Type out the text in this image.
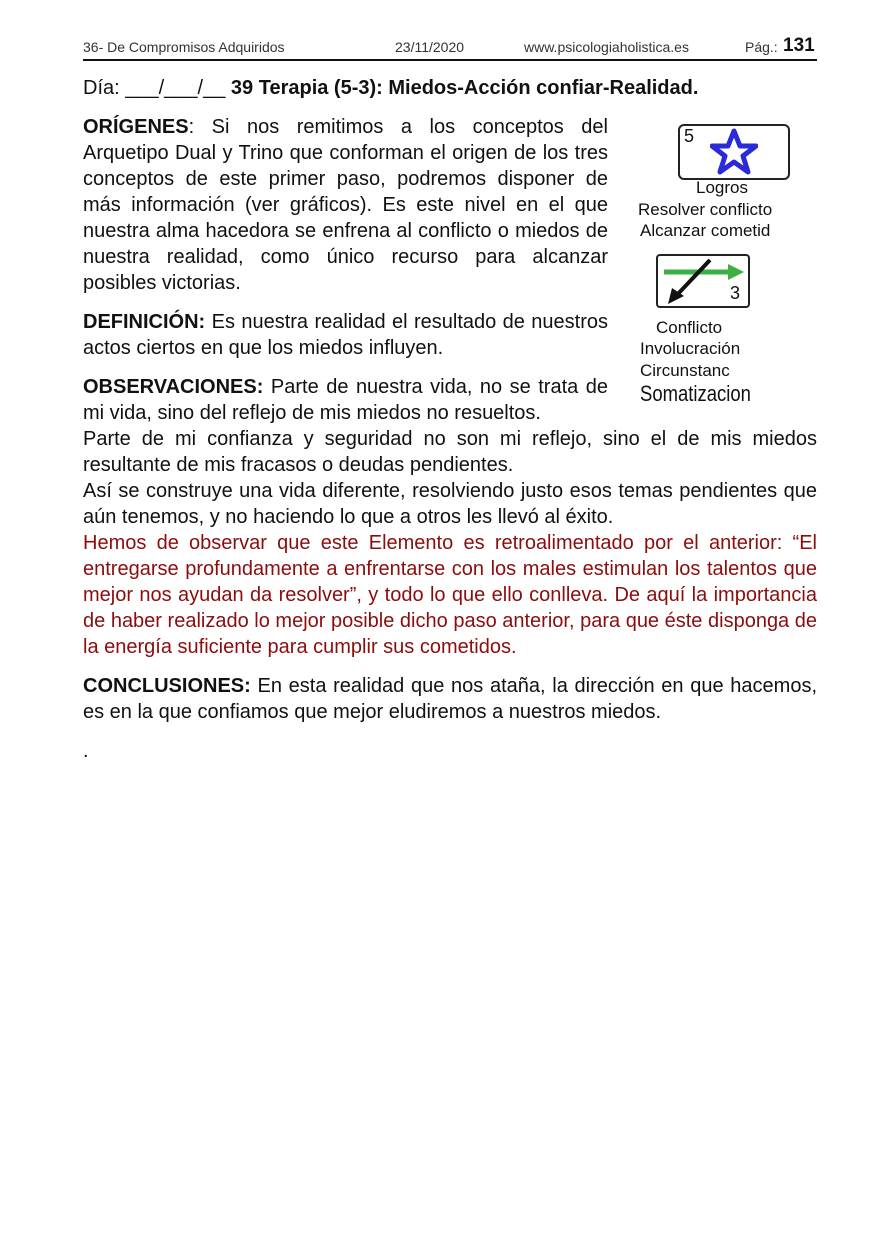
36- De Compromisos Adquiridos	23/11/2020	www.psicologiaholistica.es	Pág.: 131
Día: ___/___/__ 39 Terapia (5-3): Miedos-Acción confiar-Realidad.
5
Logros
Resolver conflicto
Alcanzar cometid
3
Conflicto
Involucración
Circunstanc
Somatizacion

ORÍGENES: Si nos remitimos a los conceptos del Arquetipo Dual y Trino que conforman el origen de los tres conceptos de este primer paso, podremos disponer de más información (ver gráficos). Es este nivel en el que nuestra alma hacedora se enfrena al conflicto o miedos de nuestra realidad, como único recurso para alcanzar posibles victorias.

DEFINICIÓN: Es nuestra realidad el resultado de nuestros actos ciertos en que los miedos influyen.

OBSERVACIONES: Parte de nuestra vida, no se trata de mi vida, sino del reflejo de mis miedos no resueltos.

Parte de mi confianza y seguridad no son mi reflejo, sino el de mis miedos resultante de mis fracasos o deudas pendientes.

Así se construye una vida diferente, resolviendo justo esos temas pendientes que aún tenemos, y no haciendo lo que a otros les llevó al éxito.

Hemos de observar que este Elemento es retroalimentado por el anterior: “El entregarse profundamente a enfrentarse con los males estimulan los talentos que mejor nos ayudan da resolver”, y todo lo que ello conlleva. De aquí la importancia de haber realizado lo mejor posible dicho paso anterior, para que éste disponga de la energía suficiente para cumplir sus cometidos.

CONCLUSIONES: En esta realidad que nos ataña, la dirección en que hacemos, es en la que confiamos que mejor eludiremos a nuestros miedos.

.
